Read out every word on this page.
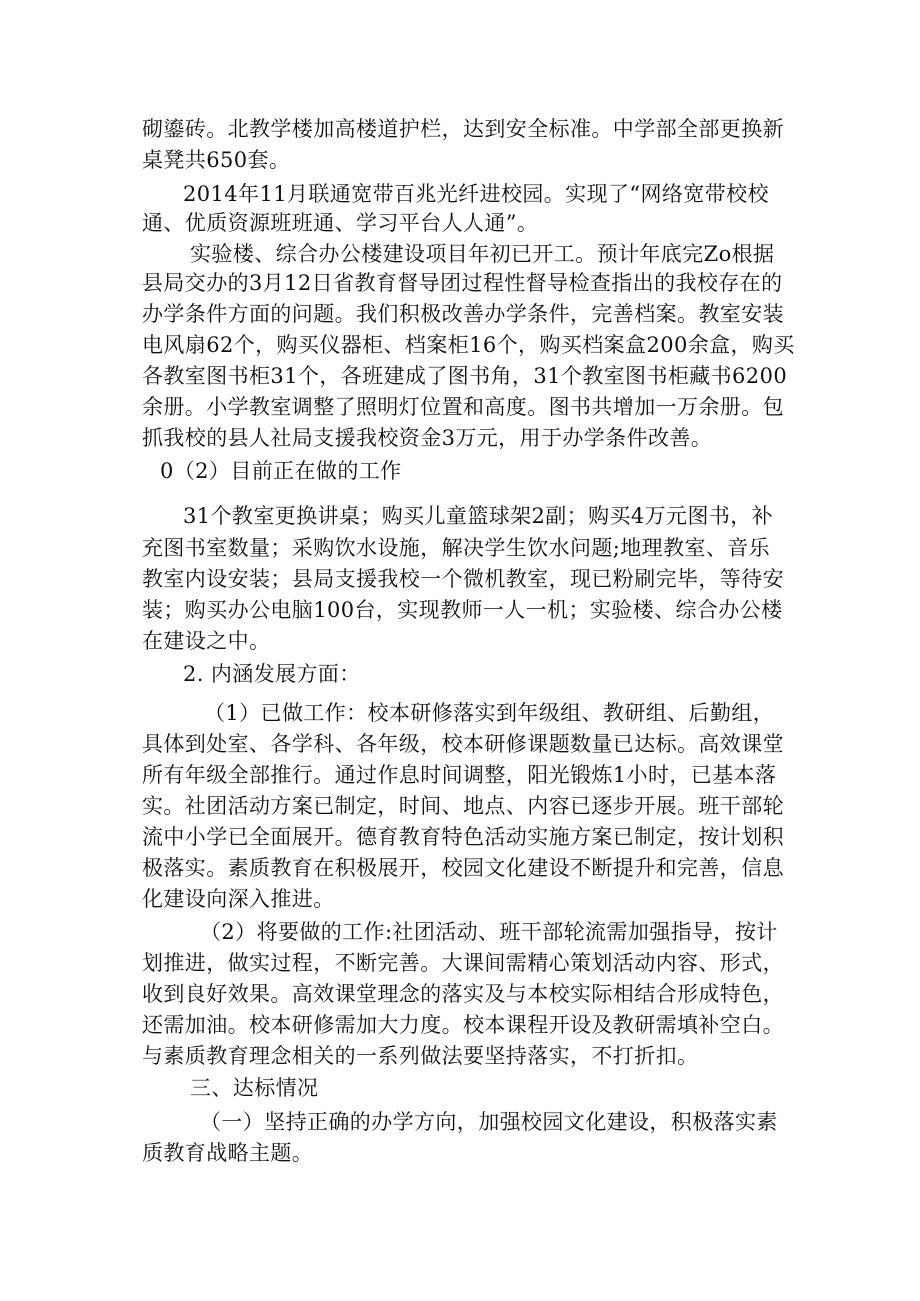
砌鎏砖。北教学楼加高楼道护栏，达到安全标准。中学部全部更换新
桌凳共650套。
2014年11月联通宽带百兆光纤进校园。实现了“网络宽带校校
通、优质资源班班通、学习平台人人通”。
实验楼、综合办公楼建设项目年初已开工。预计年底完Zo根据
县局交办的3月12日省教育督导团过程性督导检查指出的我校存在的
办学条件方面的问题。我们积极改善办学条件，完善档案。教室安装
电风扇62个，购买仪器柜、档案柜16个，购买档案盒200余盒，购买
各教室图书柜31个，各班建成了图书角，31个教室图书柜藏书6200
余册。小学教室调整了照明灯位置和高度。图书共增加一万余册。包
抓我校的县人社局支援我校资金3万元，用于办学条件改善。
0（2）目前正在做的工作
31个教室更换讲桌；购买儿童篮球架2副；购买4万元图书，补
充图书室数量；采购饮水设施，解决学生饮水问题;地理教室、音乐
教室内设安装；县局支援我校一个微机教室，现已粉刷完毕，等待安
装；购买办公电脑100台，实现教师一人一机；实验楼、综合办公楼
在建设之中。
2. 内涵发展方面：
（1）已做工作：校本研修落实到年级组、教研组、后勤组，
具体到处室、各学科、各年级，校本研修课题数量已达标。高效课堂
所有年级全部推行。通过作息时间调整，阳光锻炼1小时，已基本落
实。社团活动方案已制定，时间、地点、内容已逐步开展。班干部轮
流中小学已全面展开。德育教育特色活动实施方案已制定，按计划积
极落实。素质教育在积极展开，校园文化建设不断提升和完善，信息
化建设向深入推进。
（2）将要做的工作:社团活动、班干部轮流需加强指导，按计
划推进，做实过程，不断完善。大课间需精心策划活动内容、形式，
收到良好效果。高效课堂理念的落实及与本校实际相结合形成特色，
还需加油。校本研修需加大力度。校本课程开设及教研需填补空白。
与素质教育理念相关的一系列做法要坚持落实，不打折扣。
三、达标情况
（一）坚持正确的办学方向，加强校园文化建设，积极落实素
质教育战略主题。
